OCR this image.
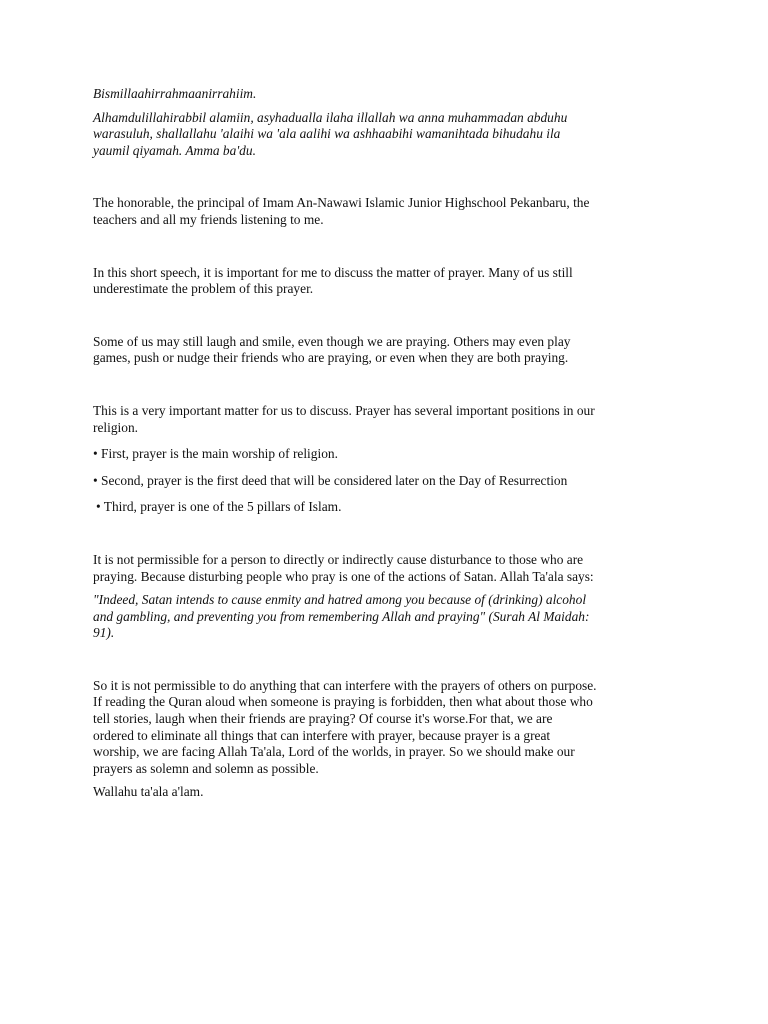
Bismillaahirrahmaanirrahiim.

Alhamdulillahirabbil alamiin, asyhadualla ilaha illallah wa anna muhammadan abduhu
warasuluh, shallallahu 'alaihi wa 'ala aalihi wa ashhaabihi wamanihtada bihudahu ila
yaumil qiyamah. Amma ba'du.

The honorable, the principal of Imam An-Nawawi Islamic Junior Highschool Pekanbaru, the
teachers and all my friends listening to me.

In this short speech, it is important for me to discuss the matter of prayer. Many of us still
underestimate the problem of this prayer.

Some of us may still laugh and smile, even though we are praying. Others may even play
games, push or nudge their friends who are praying, or even when they are both praying.

This is a very important matter for us to discuss. Prayer has several important positions in our
religion.

• First, prayer is the main worship of religion.

• Second, prayer is the first deed that will be considered later on the Day of Resurrection

• Third, prayer is one of the 5 pillars of Islam.

It is not permissible for a person to directly or indirectly cause disturbance to those who are
praying. Because disturbing people who pray is one of the actions of Satan. Allah Ta'ala says:

"Indeed, Satan intends to cause enmity and hatred among you because of (drinking) alcohol
and gambling, and preventing you from remembering Allah and praying" (Surah Al Maidah:
91).

So it is not permissible to do anything that can interfere with the prayers of others on purpose.
If reading the Quran aloud when someone is praying is forbidden, then what about those who
tell stories, laugh when their friends are praying? Of course it's worse.For that, we are
ordered to eliminate all things that can interfere with prayer, because prayer is a great
worship, we are facing Allah Ta'ala, Lord of the worlds, in prayer. So we should make our
prayers as solemn and solemn as possible.

Wallahu ta'ala a'lam.
